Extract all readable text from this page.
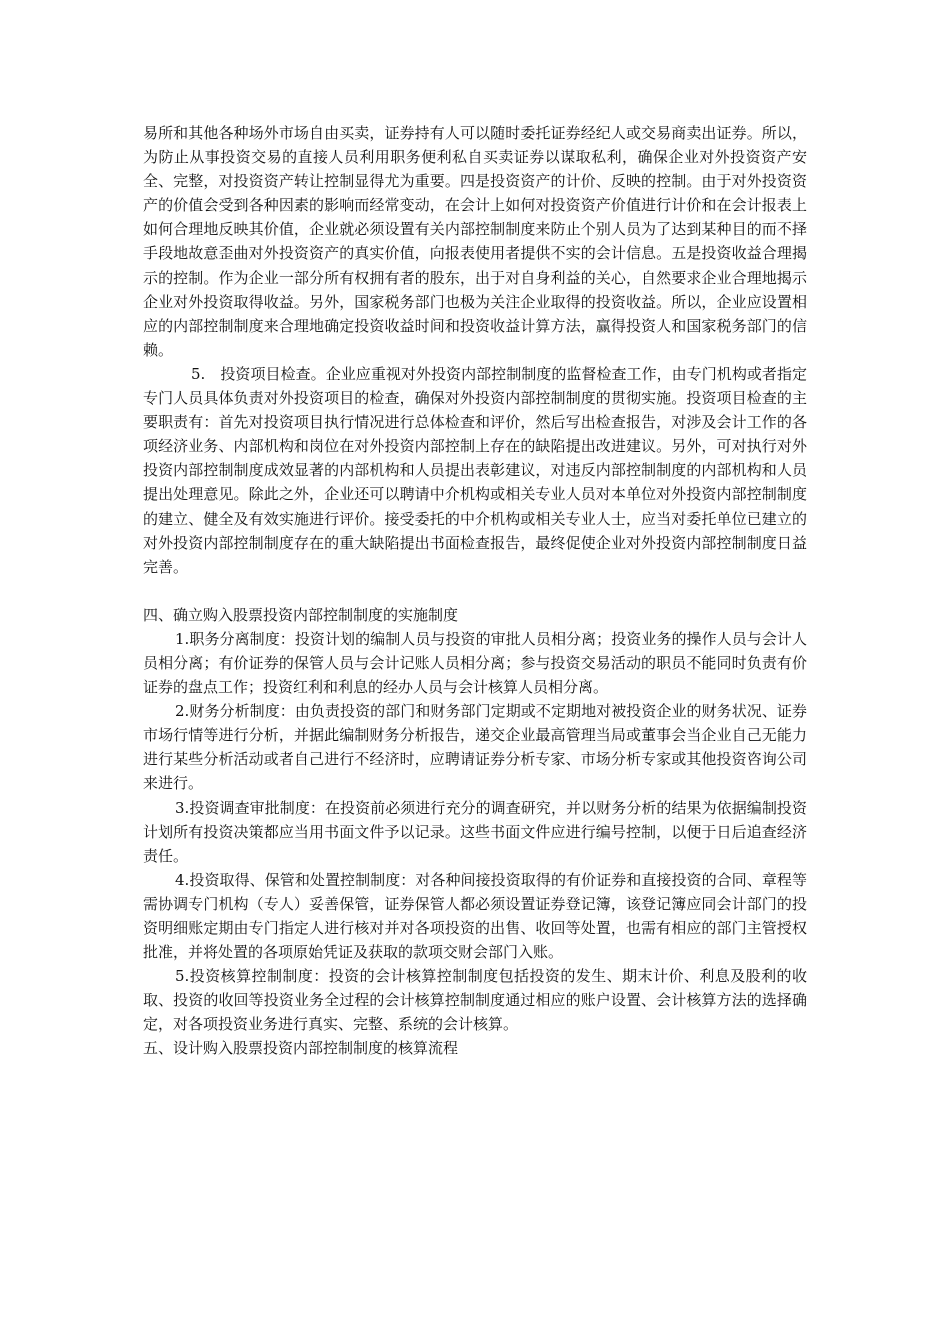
易所和其他各种场外市场自由买卖，证券持有人可以随时委托证券经纪人或交易商卖出证券。所以，为防止从事投资交易的直接人员利用职务便利私自买卖证券以谋取私利，确保企业对外投资资产安全、完整，对投资资产转让控制显得尤为重要。四是投资资产的计价、反映的控制。由于对外投资资产的价值会受到各种因素的影响而经常变动，在会计上如何对投资资产价值进行计价和在会计报表上如何合理地反映其价值，企业就必须设置有关内部控制制度来防止个别人员为了达到某种目的而不择手段地故意歪曲对外投资资产的真实价值，向报表使用者提供不实的会计信息。五是投资收益合理揭示的控制。作为企业一部分所有权拥有者的股东，出于对自身利益的关心，自然要求企业合理地揭示企业对外投资取得收益。另外，国家税务部门也极为关注企业取得的投资收益。所以，企业应设置相应的内部控制制度来合理地确定投资收益时间和投资收益计算方法，赢得投资人和国家税务部门的信赖。

5.　投资项目检查。企业应重视对外投资内部控制制度的监督检查工作，由专门机构或者指定专门人员具体负责对外投资项目的检查，确保对外投资内部控制制度的贯彻实施。投资项目检查的主要职责有：首先对投资项目执行情况进行总体检查和评价，然后写出检查报告，对涉及会计工作的各项经济业务、内部机构和岗位在对外投资内部控制上存在的缺陷提出改进建议。另外，可对执行对外投资内部控制制度成效显著的内部机构和人员提出表彰建议，对违反内部控制制度的内部机构和人员提出处理意见。除此之外，企业还可以聘请中介机构或相关专业人员对本单位对外投资内部控制制度的建立、健全及有效实施进行评价。接受委托的中介机构或相关专业人士，应当对委托单位已建立的对外投资内部控制制度存在的重大缺陷提出书面检查报告，最终促使企业对外投资内部控制制度日益完善。

四、确立购入股票投资内部控制制度的实施制度

1.职务分离制度：投资计划的编制人员与投资的审批人员相分离；投资业务的操作人员与会计人员相分离；有价证券的保管人员与会计记账人员相分离；参与投资交易活动的职员不能同时负责有价证券的盘点工作；投资红利和利息的经办人员与会计核算人员相分离。

2.财务分析制度：由负责投资的部门和财务部门定期或不定期地对被投资企业的财务状况、证券市场行情等进行分析，并据此编制财务分析报告，递交企业最高管理当局或董事会当企业自己无能力进行某些分析活动或者自己进行不经济时，应聘请证券分析专家、市场分析专家或其他投资咨询公司来进行。

3.投资调查审批制度：在投资前必须进行充分的调查研究，并以财务分析的结果为依据编制投资计划所有投资决策都应当用书面文件予以记录。这些书面文件应进行编号控制，以便于日后追查经济责任。

4.投资取得、保管和处置控制制度：对各种间接投资取得的有价证券和直接投资的合同、章程等需协调专门机构（专人）妥善保管，证券保管人都必须设置证券登记簿，该登记簿应同会计部门的投资明细账定期由专门指定人进行核对并对各项投资的出售、收回等处置，也需有相应的部门主管授权批准，并将处置的各项原始凭证及获取的款项交财会部门入账。

5.投资核算控制制度：投资的会计核算控制制度包括投资的发生、期末计价、利息及股利的收取、投资的收回等投资业务全过程的会计核算控制制度通过相应的账户设置、会计核算方法的选择确定，对各项投资业务进行真实、完整、系统的会计核算。

五、设计购入股票投资内部控制制度的核算流程
